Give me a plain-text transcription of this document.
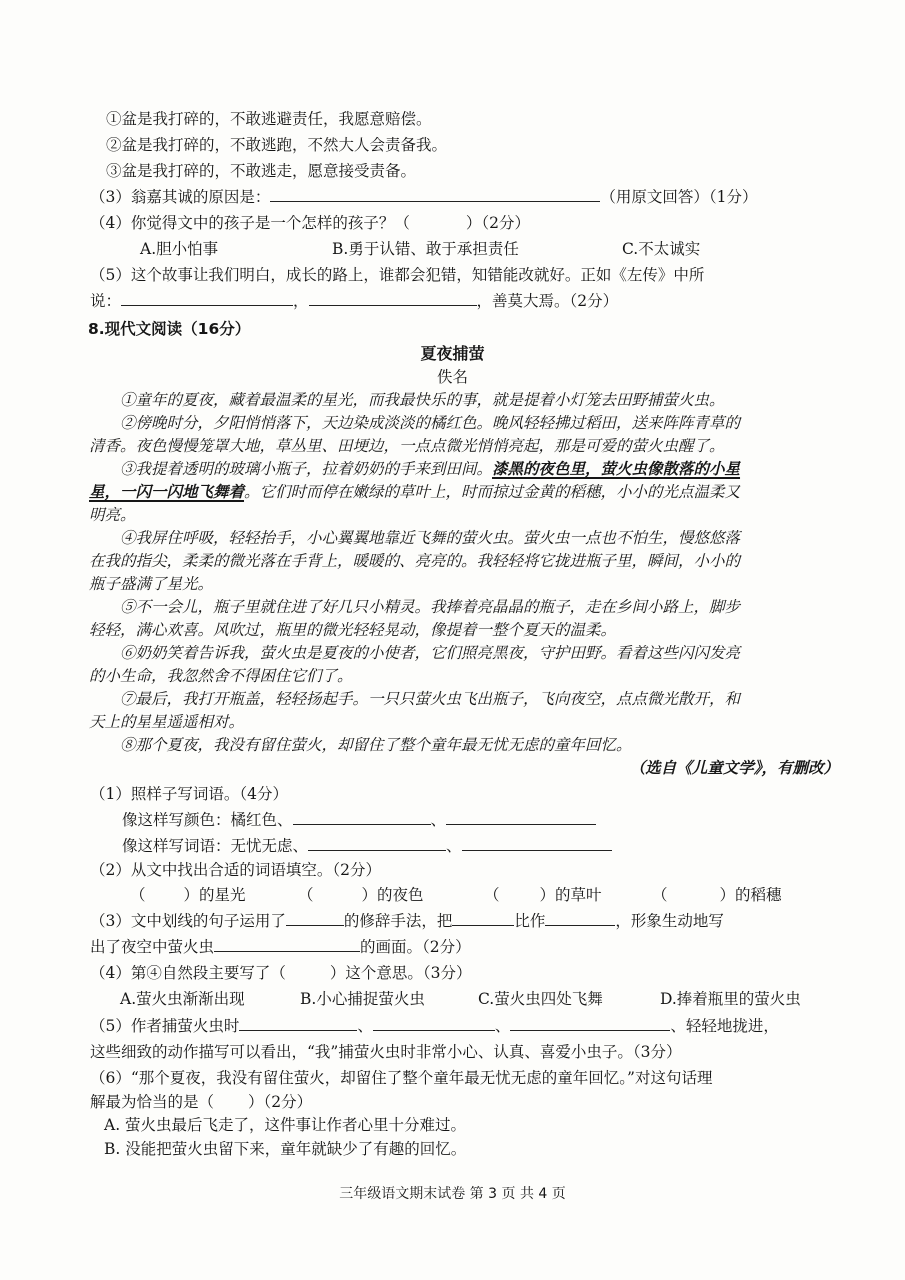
①盆是我打碎的，不敢逃避责任，我愿意赔偿。
②盆是我打碎的，不敢逃跑，不然大人会责备我。
③盆是我打碎的，不敢逃走，愿意接受责备。
（3）翁嘉其诚的原因是：	（用原文回答）（1分）
（4）你觉得文中的孩子是一个怎样的孩子？（	）（2分）
A.胆小怕事	B.勇于认错、敢于承担责任	C.不太诚实
（5）这个故事让我们明白，成长的路上，谁都会犯错，知错能改就好。正如《左传》中所
说：	，	，善莫大焉。（2分）
8.现代文阅读（16分）
夏夜捕萤
佚名
①童年的夏夜，藏着最温柔的星光，而我最快乐的事，就是提着小灯笼去田野捕萤火虫。
②傍晚时分，夕阳悄悄落下，天边染成淡淡的橘红色。晚风轻轻拂过稻田，送来阵阵青草的
清香。夜色慢慢笼罩大地，草丛里、田埂边，一点点微光悄悄亮起，那是可爱的萤火虫醒了。
③我提着透明的玻璃小瓶子，拉着奶奶的手来到田间。漆黑的夜色里，萤火虫像散落的小星
星，一闪一闪地飞舞着。它们时而停在嫩绿的草叶上，时而掠过金黄的稻穗，小小的光点温柔又
明亮。
④我屏住呼吸，轻轻抬手，小心翼翼地靠近飞舞的萤火虫。萤火虫一点也不怕生，慢悠悠落
在我的指尖，柔柔的微光落在手背上，暖暖的、亮亮的。我轻轻将它拢进瓶子里，瞬间，小小的
瓶子盛满了星光。
⑤不一会儿，瓶子里就住进了好几只小精灵。我捧着亮晶晶的瓶子，走在乡间小路上，脚步
轻轻，满心欢喜。风吹过，瓶里的微光轻轻晃动，像提着一整个夏天的温柔。
⑥奶奶笑着告诉我，萤火虫是夏夜的小使者，它们照亮黑夜，守护田野。看着这些闪闪发亮
的小生命，我忽然舍不得困住它们了。
⑦最后，我打开瓶盖，轻轻扬起手。一只只萤火虫飞出瓶子，飞向夜空，点点微光散开，和
天上的星星遥遥相对。
⑧那个夏夜，我没有留住萤火，却留住了整个童年最无忧无虑的童年回忆。
（选自《儿童文学》，有删改）
（1）照样子写词语。（4分）
像这样写颜色：橘红色、	、
像这样写词语：无忧无虑、	、
（2）从文中找出合适的词语填空。（2分）
（ ）的星光	（	）的夜色	（	）的草叶	（	）的稻穗
（3）文中划线的句子运用了	的修辞手法，把	比作	，形象生动地写
出了夜空中萤火虫	的画面。（2分）
（4）第④自然段主要写了（	）这个意思。（3分）
A.萤火虫渐渐出现	B.小心捕捉萤火虫	C.萤火虫四处飞舞	D.捧着瓶里的萤火虫
（5）作者捕萤火虫时	、	、	、轻轻地拢进，
这些细致的动作描写可以看出，“我”捕萤火虫时非常小心、认真、喜爱小虫子。（3分）
（6）“那个夏夜，我没有留住萤火，却留住了整个童年最无忧无虑的童年回忆。”对这句话理
解最为恰当的是（ ）（2分）
A. 萤火虫最后飞走了，这件事让作者心里十分难过。
B. 没能把萤火虫留下来，童年就缺少了有趣的回忆。
三年级语文期末试卷 第 3 页 共 4 页
